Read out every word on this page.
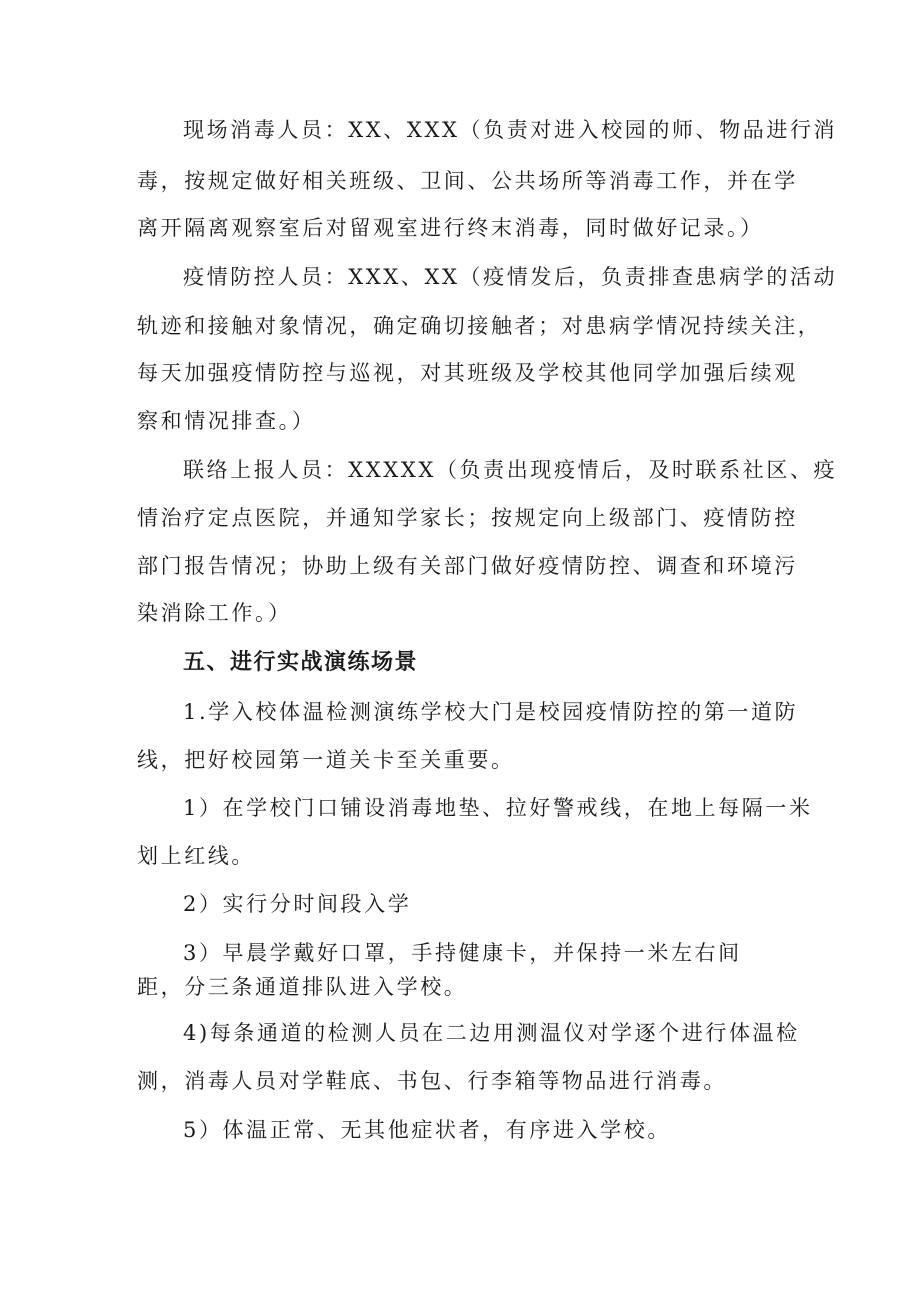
现场消毒人员：XX、XXX（负责对进入校园的师、物品进行消

毒，按规定做好相关班级、卫间、公共场所等消毒工作，并在学

离开隔离观察室后对留观室进行终末消毒，同时做好记录。）

疫情防控人员：XXX、XX（疫情发后，负责排查患病学的活动

轨迹和接触对象情况，确定确切接触者；对患病学情况持续关注，

每天加强疫情防控与巡视，对其班级及学校其他同学加强后续观

察和情况排查。）

联络上报人员：XXXXX（负责出现疫情后，及时联系社区、疫

情治疗定点医院，并通知学家长；按规定向上级部门、疫情防控

部门报告情况；协助上级有关部门做好疫情防控、调查和环境污

染消除工作。）

五、进行实战演练场景

1.学入校体温检测演练学校大门是校园疫情防控的第一道防

线，把好校园第一道关卡至关重要。

1）在学校门口铺设消毒地垫、拉好警戒线，在地上每隔一米

划上红线。

2）实行分时间段入学

3）早晨学戴好口罩，手持健康卡，并保持一米左右间

距，分三条通道排队进入学校。

4)每条通道的检测人员在二边用测温仪对学逐个进行体温检

测，消毒人员对学鞋底、书包、行李箱等物品进行消毒。

5）体温正常、无其他症状者，有序进入学校。
